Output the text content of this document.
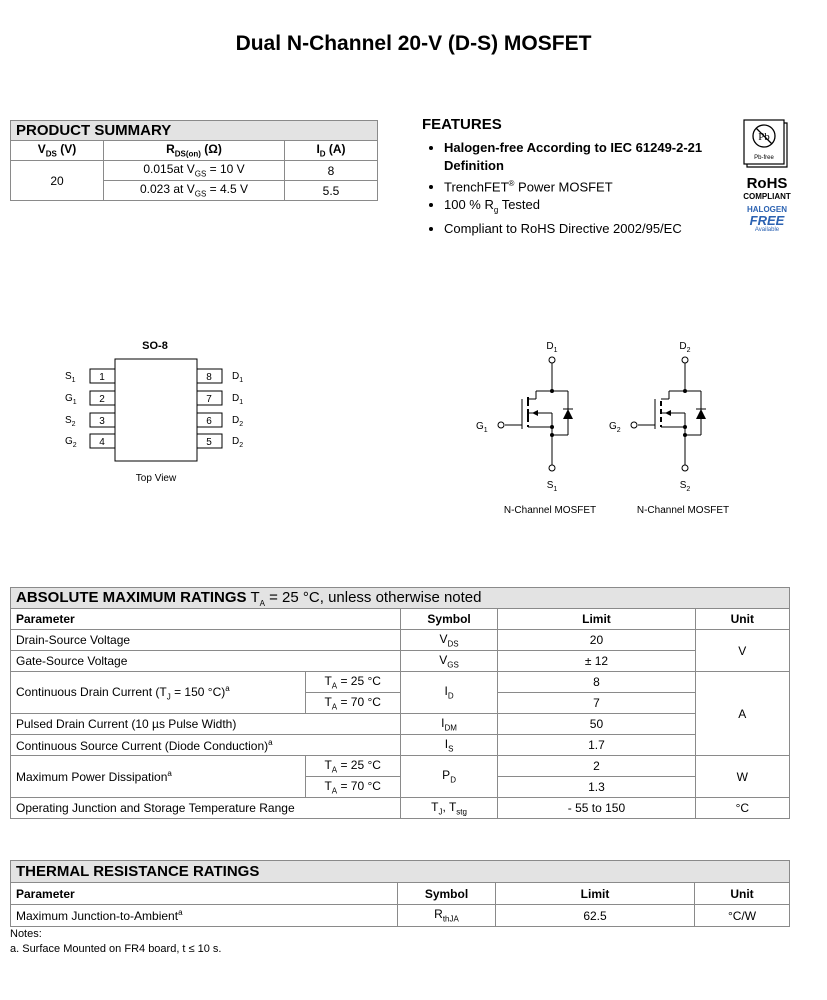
Dual N-Channel 20-V (D-S) MOSFET
PRODUCT SUMMARY		
$V_{DS}$ (V)	$R_{DS(on)}$ (Ω)	$I_D$ (A)
20	0.015at $V_{GS} = 10$ V	8
	0.023 at $V_{GS} = 4.5$ V	5.5
FEATURES
• Halogen-free According to IEC 61249-2-21 Definition
• TrenchFET® Power MOSFET
• 100 % $R_g$ Tested
• Compliant to RoHS Directive 2002/95/EC
Pb
Pb-free
RoHS
COMPLIANT
HALOGEN
FREE
Available
SO-8
1
2
3
4
$S_1$
$G_1$
$S_2$
$G_2$
8
7
6
5
$D_1$
$D_1$
$D_2$
$D_2$
Top View
$D_1$
$G_1$
$S_1$
N-Channel MOSFET
$D_2$
$G_2$
$S_2$
N-Channel MOSFET
ABSOLUTE MAXIMUM RATINGS $T_A = 25$ °C, unless otherwise noted				
Parameter		Symbol	Limit	Unit
Drain-Source Voltage		$V_{DS}$	20	V
Gate-Source Voltage		$V_{GS}$	± 12	
Continuous Drain Current ($T_J = 150$ °C)$^a$	$T_A = 25$ °C	$I_D$	8	A
	$T_A = 70$ °C		7	
Pulsed Drain Current (10 µs Pulse Width)		$I_{DM}$	50	
Continuous Source Current (Diode Conduction)$^a$		$I_S$	1.7	
Maximum Power Dissipation$^a$	$T_A = 25$ °C	$P_D$	2	W
	$T_A = 70$ °C		1.3	
Operating Junction and Storage Temperature Range		$T_J$, $T_{stg}$	- 55 to 150	°C
THERMAL RESISTANCE RATINGS			
Parameter	Symbol	Limit	Unit
Maximum Junction-to-Ambient$^a$	$R_{thJA}$	62.5	°C/W
Notes:
a. Surface Mounted on FR4 board, t ≤ 10 s.
